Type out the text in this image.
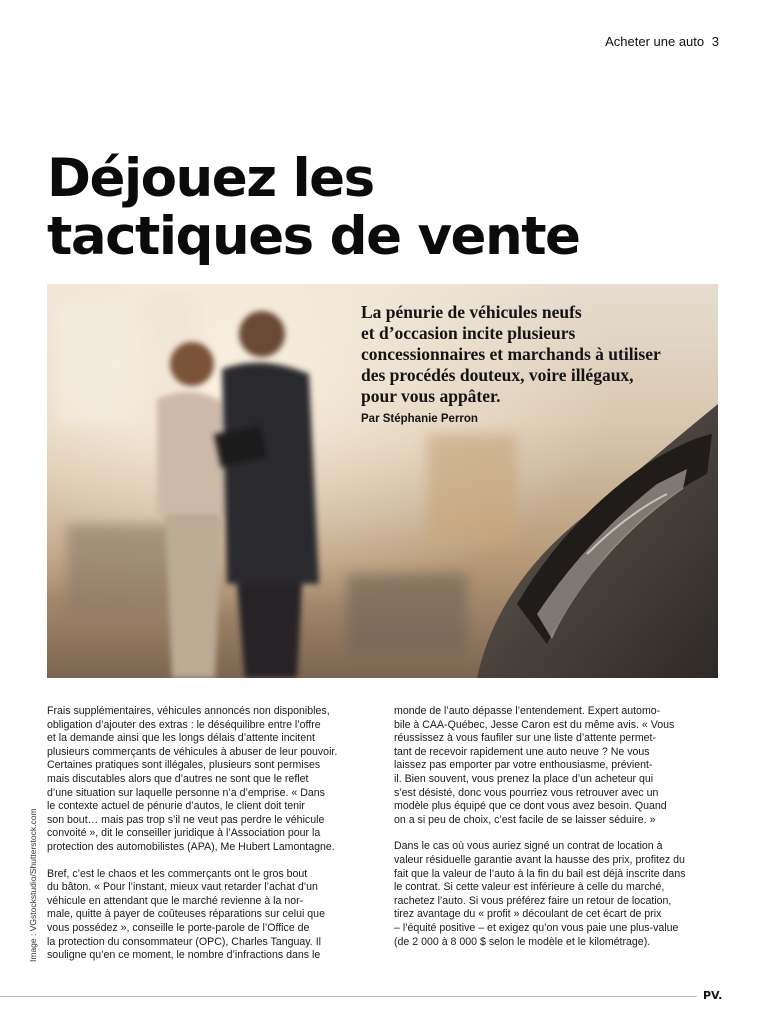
Acheter une auto 3
Déjouez les
tactiques de vente
La pénurie de véhicules neufs
et d’occasion incite plusieurs
concessionnaires et marchands à utiliser
des procédés douteux, voire illégaux,
pour vous appâter.
Par Stéphanie Perron
Image : VGstockstudio/Shutterstock.com

Frais supplémentaires, véhicules annoncés non disponibles,
obligation d’ajouter des extras : le déséquilibre entre l’offre
et la demande ainsi que les longs délais d’attente incitent
plusieurs commerçants de véhicules à abuser de leur pouvoir.
Certaines pratiques sont illégales, plusieurs sont permises
mais discutables alors que d’autres ne sont que le reflet
d’une situation sur laquelle personne n’a d’emprise. « Dans
le contexte actuel de pénurie d’autos, le client doit tenir
son bout… mais pas trop s’il ne veut pas perdre le véhicule
convoité », dit le conseiller juridique à l’Association pour la
protection des automobilistes (APA), Me Hubert Lamontagne.

Bref, c’est le chaos et les commerçants ont le gros bout
du bâton. « Pour l’instant, mieux vaut retarder l’achat d’un
véhicule en attendant que le marché revienne à la nor-
male, quitte à payer de coûteuses réparations sur celui que
vous possédez », conseille le porte-parole de l’Office de
la protection du consommateur (OPC), Charles Tanguay. Il
souligne qu’en ce moment, le nombre d’infractions dans le

monde de l’auto dépasse l’entendement. Expert automo-
bile à CAA-Québec, Jesse Caron est du même avis. « Vous
réussissez à vous faufiler sur une liste d’attente permet-
tant de recevoir rapidement une auto neuve ? Ne vous
laissez pas emporter par votre enthousiasme, prévient-
il. Bien souvent, vous prenez la place d’un acheteur qui
s’est désisté, donc vous pourriez vous retrouver avec un
modèle plus équipé que ce dont vous avez besoin. Quand
on a si peu de choix, c’est facile de se laisser séduire. »

Dans le cas où vous auriez signé un contrat de location à
valeur résiduelle garantie avant la hausse des prix, profitez du
fait que la valeur de l’auto à la fin du bail est déjà inscrite dans
le contrat. Si cette valeur est inférieure à celle du marché,
rachetez l’auto. Si vous préférez faire un retour de location,
tirez avantage du « profit » découlant de cet écart de prix
– l’équité positive – et exigez qu’on vous paie une plus-value
(de 2 000 à 8 000 $ selon le modèle et le kilométrage).

PV.
